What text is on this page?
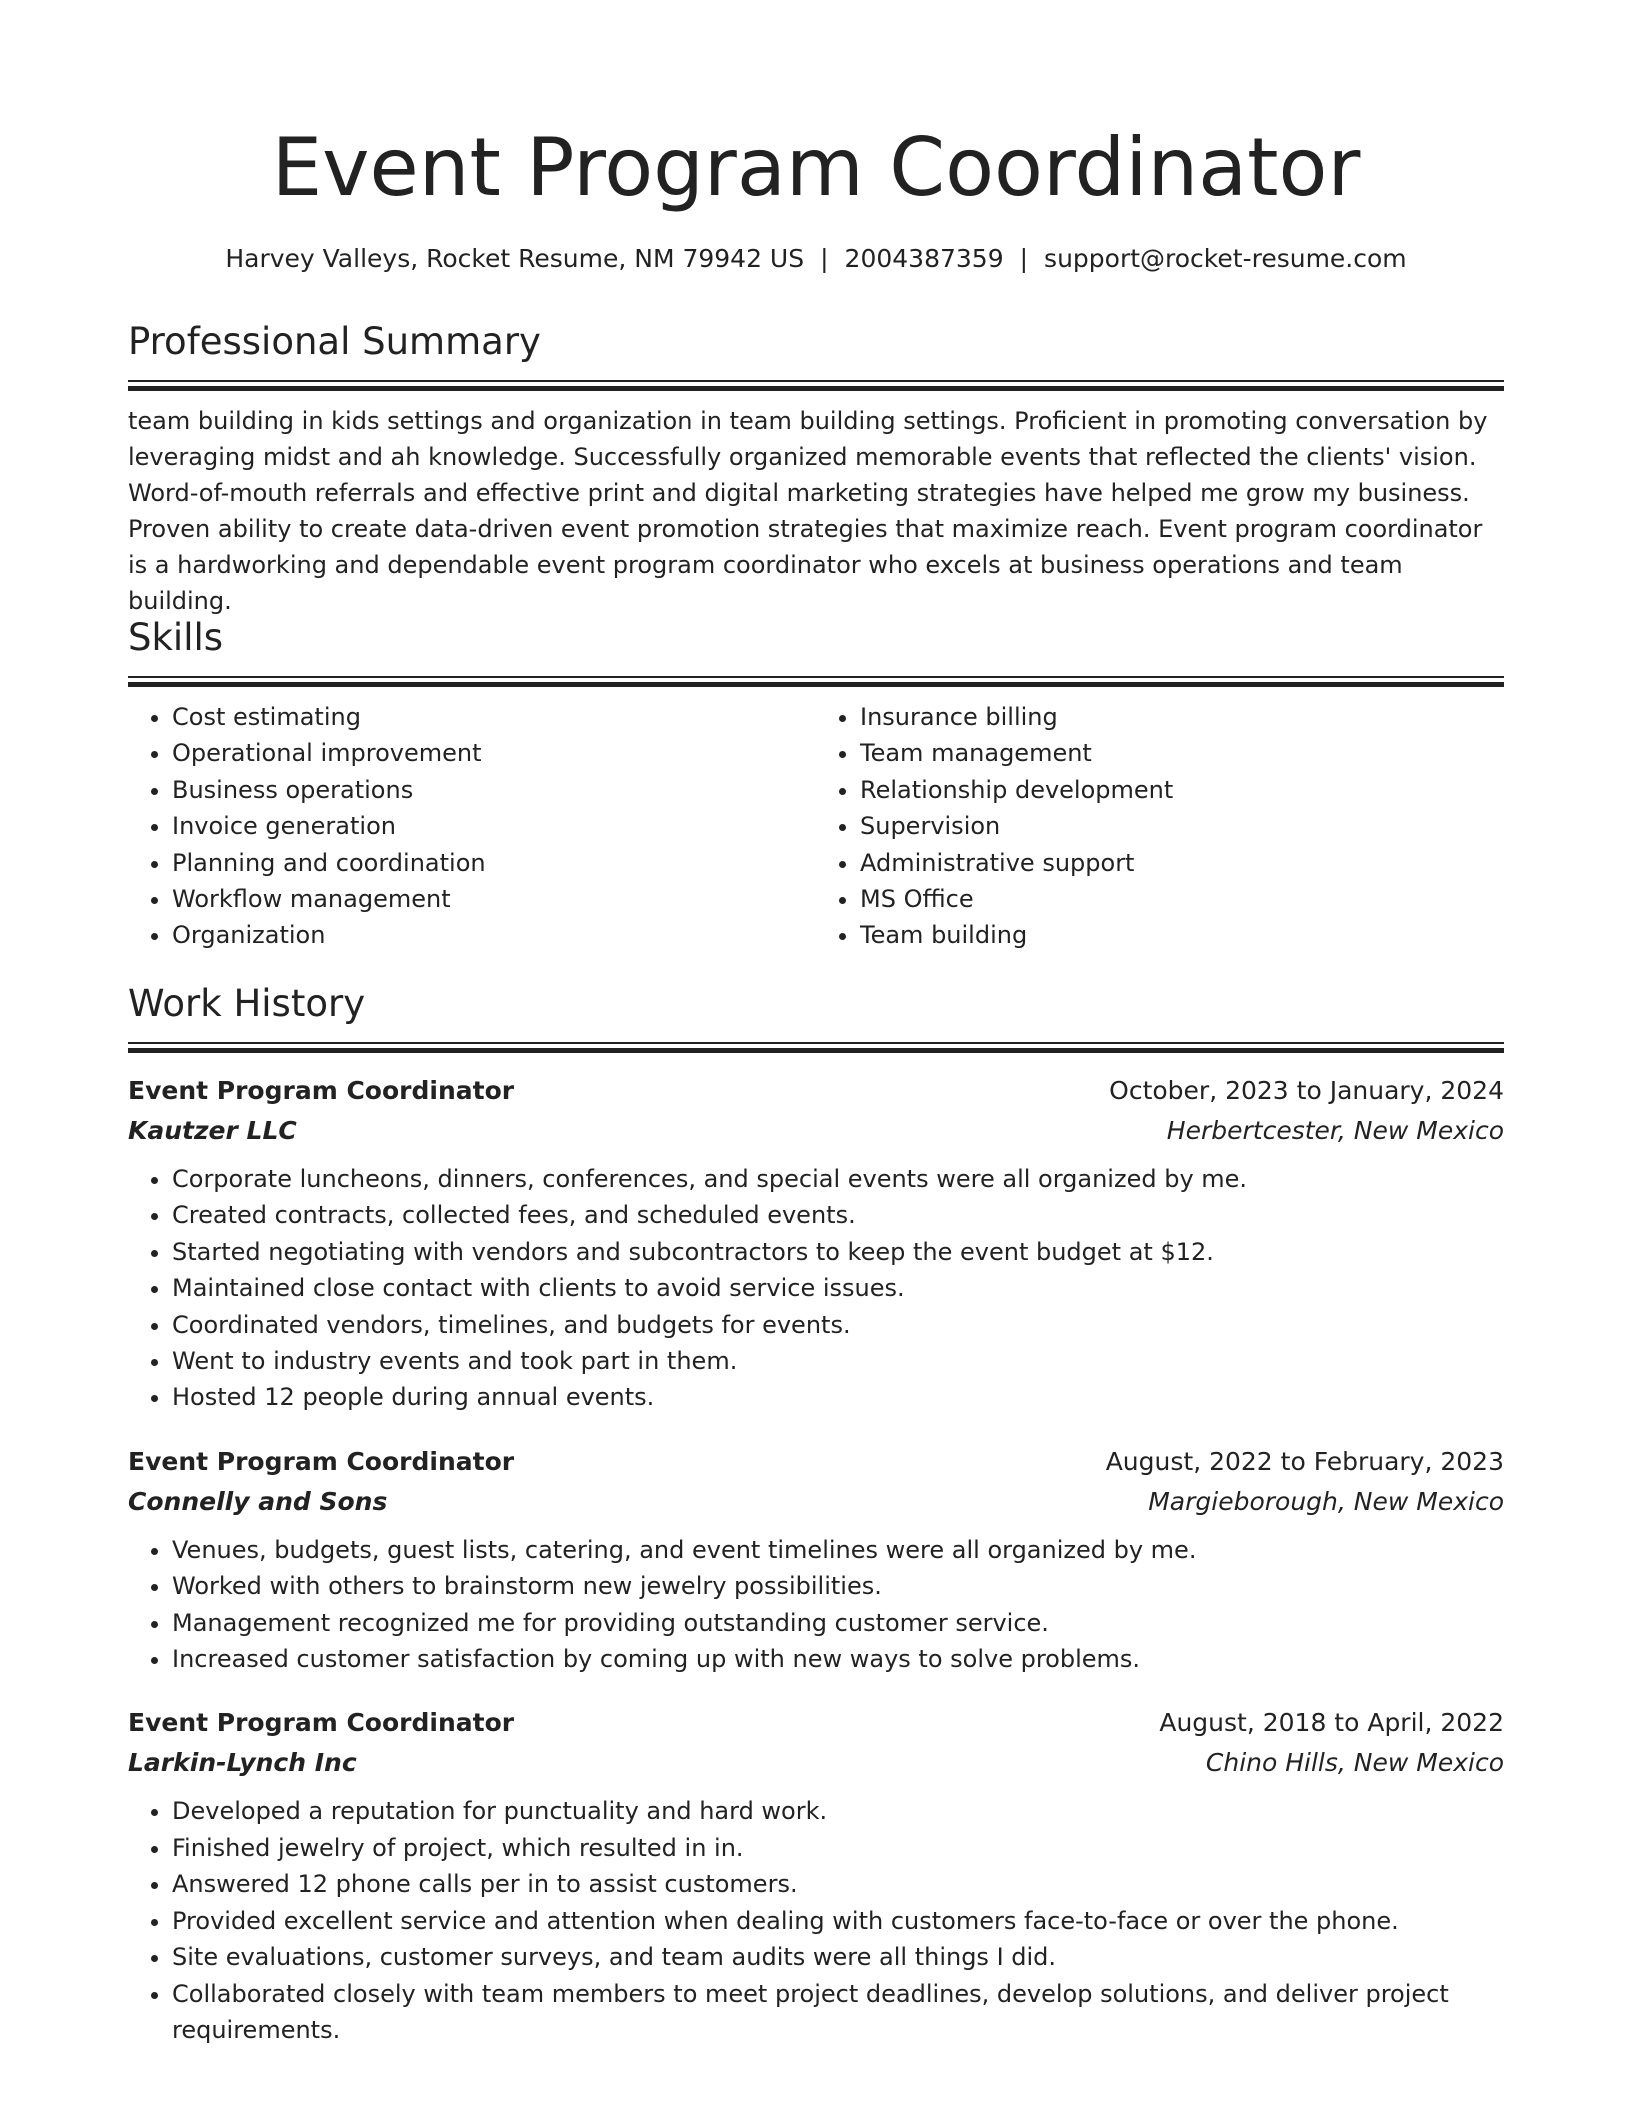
Event Program Coordinator
Harvey Valleys, Rocket Resume, NM 79942 US | 2004387359 | support@rocket-resume.com
Professional Summary

team building in kids settings and organization in team building settings. Proficient in promoting conversation by leveraging midst and ah knowledge. Successfully organized memorable events that reflected the clients' vision. Word-of-mouth referrals and effective print and digital marketing strategies have helped me grow my business. Proven ability to create data-driven event promotion strategies that maximize reach. Event program coordinator is a hardworking and dependable event program coordinator who excels at business operations and team building.

Skills
• Cost estimating
• Operational improvement
• Business operations
• Invoice generation
• Planning and coordination
• Workflow management
• Organization
• Insurance billing
• Team management
• Relationship development
• Supervision
• Administrative support
• MS Office
• Team building
Work History
Event Program Coordinator	October, 2023 to January, 2024
Kautzer LLC	Herbertcester, New Mexico
• Corporate luncheons, dinners, conferences, and special events were all organized by me.
• Created contracts, collected fees, and scheduled events.
• Started negotiating with vendors and subcontractors to keep the event budget at $12.
• Maintained close contact with clients to avoid service issues.
• Coordinated vendors, timelines, and budgets for events.
• Went to industry events and took part in them.
• Hosted 12 people during annual events.
Event Program Coordinator	August, 2022 to February, 2023
Connelly and Sons	Margieborough, New Mexico
• Venues, budgets, guest lists, catering, and event timelines were all organized by me.
• Worked with others to brainstorm new jewelry possibilities.
• Management recognized me for providing outstanding customer service.
• Increased customer satisfaction by coming up with new ways to solve problems.
Event Program Coordinator	August, 2018 to April, 2022
Larkin-Lynch Inc	Chino Hills, New Mexico
• Developed a reputation for punctuality and hard work.
• Finished jewelry of project, which resulted in in.
• Answered 12 phone calls per in to assist customers.
• Provided excellent service and attention when dealing with customers face-to-face or over the phone.
• Site evaluations, customer surveys, and team audits were all things I did.
• Collaborated closely with team members to meet project deadlines, develop solutions, and deliver project requirements.
